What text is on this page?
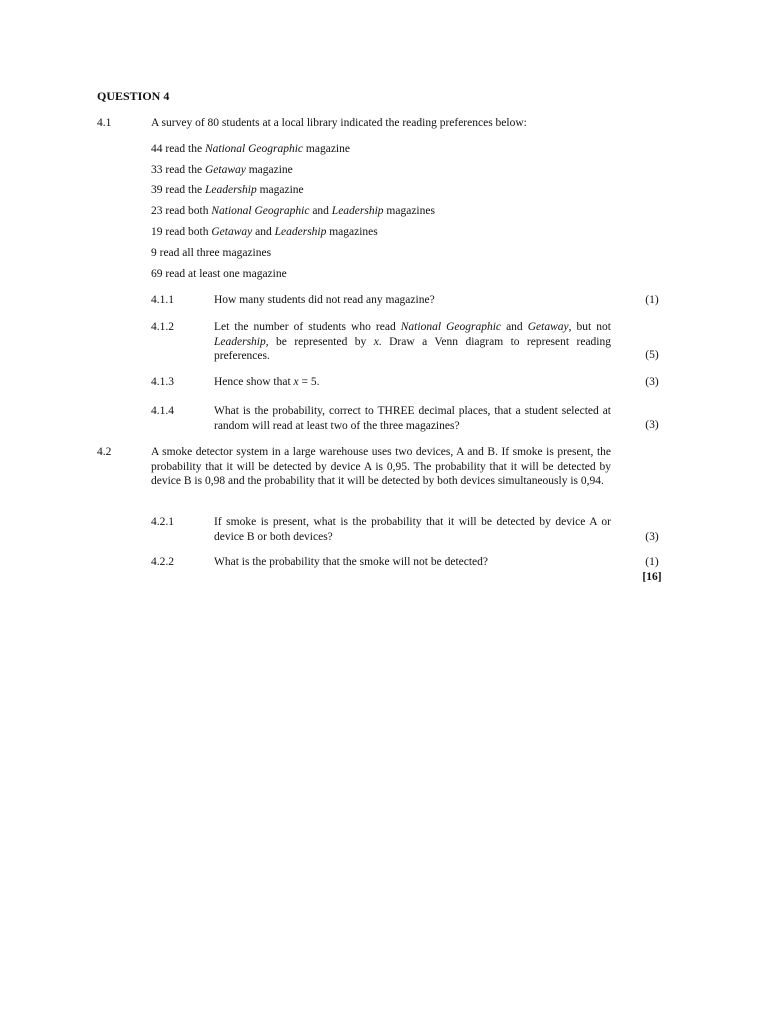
QUESTION 4
4.1	A survey of 80 students at a local library indicated the reading preferences below:
44 read the National Geographic magazine
33 read the Getaway magazine
39 read the Leadership magazine
23 read both National Geographic and Leadership magazines
19 read both Getaway and Leadership magazines
9 read all three magazines
69 read at least one magazine
4.1.1	How many students did not read any magazine?	(1)
4.1.2	Let the number of students who read National Geographic and Getaway, but not Leadership, be represented by x. Draw a Venn diagram to represent reading preferences.	(5)
4.1.3	Hence show that x = 5.	(3)
4.1.4	What is the probability, correct to THREE decimal places, that a student selected at random will read at least two of the three magazines?	(3)
4.2	A smoke detector system in a large warehouse uses two devices, A and B. If smoke is present, the probability that it will be detected by device A is 0,95. The probability that it will be detected by device B is 0,98 and the probability that it will be detected by both devices simultaneously is 0,94.
4.2.1	If smoke is present, what is the probability that it will be detected by device A or device B or both devices?	(3)
4.2.2	What is the probability that the smoke will not be detected?	(1)
[16]
